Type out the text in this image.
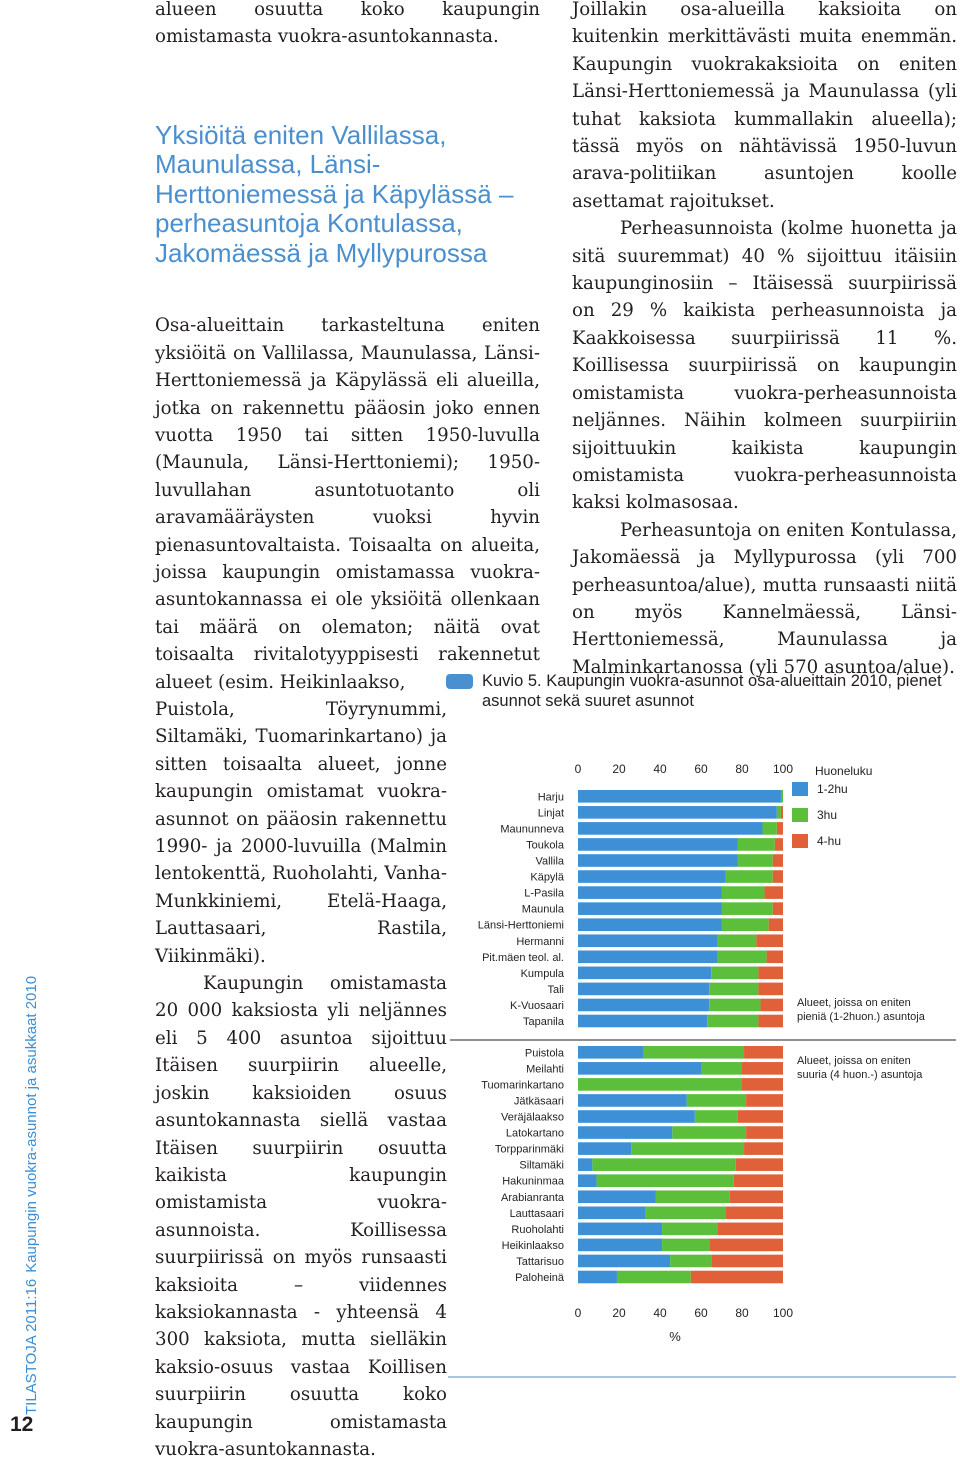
TILASTOJA 2011:16Kaupungin vuokra-asunnot ja asukkaat 2010
12

alueen osuutta koko kaupungin omistamasta vuokra-asuntokannasta.

Yksiöitä eniten Vallilassa, Maunulassa, Länsi-Herttoniemessä ja Käpylässä – perheasuntoja Kontulassa, Jakomäessä ja Myllypurossa

Osa-alueittain tarkasteltuna eniten yksiöitä on Vallilassa, Maunulassa, Länsi-Herttoniemessä ja Käpylässä eli alueilla, jotka on rakennettu pääosin joko ennen vuotta 1950 tai sitten 1950-luvulla (Maunula, Länsi-Herttoniemi); 1950-luvullahan asuntotuotanto oli aravamääräysten vuoksi hyvin pienasuntovaltaista. Toisaalta on alueita, joissa kaupungin omistamassa vuokra-asuntokannassa ei ole yksiöitä ollenkaan tai määrä on olematon; näitä ovat toisaalta rivitalotyyppisesti rakennetut alueet (esim. Heikinlaakso,

Puistola, Töyrynummi, Siltamäki, Tuomarinkartano) ja sitten toisaalta alueet, jonne kaupungin omistamat vuokra-asunnot on pääosin rakennettu 1990- ja 2000-luvuilla (Malmin lentokenttä, Ruoholahti, Vanha-Munkkiniemi, Etelä-Haaga, Lauttasaari, Rastila, Viikinmäki).

Kaupungin omistamasta 20 000 kaksiosta yli neljännes eli 5 400 asuntoa sijoittuu Itäisen suurpiirin alueelle, joskin kaksioiden osuus asuntokannasta siellä vastaa Itäisen suurpiirin osuutta kaikista kaupungin omistamista vuokra-asunnoista. Koillisessa suurpiirissä on myös runsaasti kaksioita – viidennes kaksiokannasta - yhteensä 4 300 kaksiota, mutta sielläkin kaksio-osuus vastaa Koillisen suurpiirin osuutta koko kaupungin omistamasta vuokra-asuntokannasta.

Joillakin osa-alueilla kaksioita on kuitenkin merkittävästi muita enemmän. Kaupungin vuokrakaksioita on eniten Länsi-Herttoniemessä ja Maunulassa (yli tuhat kaksiota kummallakin alueella); tässä myös on nähtävissä 1950-luvun arava-politiikan asuntojen koolle asettamat rajoitukset.

Perheasunnoista (kolme huonetta ja sitä suuremmat) 40 % sijoittuu itäisiin kaupunginosiin – Itäisessä suurpiirissä on 29 % kaikista perheasunnoista ja Kaakkoisessa suurpiirissä 11 %. Koillisessa suurpiirissä on kaupungin omistamista vuokra-perheasunnoista neljännes. Näihin kolmeen suurpiiriin sijoittuukin kaikista kaupungin omistamista vuokra-perheasunnoista kaksi kolmasosaa.

Perheasuntoja on eniten Kontulassa, Jakomäessä ja Myllypurossa (yli 700 perheasuntoa/alue), mutta runsaasti niitä on myös Kannelmäessä, Länsi-Herttoniemessä, Maunulassa ja Malminkartanossa (yli 570 asuntoa/alue).

Kuvio 5. Kaupungin vuokra-asunnot osa-alueittain 2010, pienet asunnot sekä suuret asunnot
0	20 40 60 80 100
0	20 40 60 80 100
Harju
Linjat
Maununneva
Toukola
Vallila
Käpylä
L-Pasila
Maunula
Länsi-Herttoniemi
Hermanni
Pit.mäen teol. al.
Kumpula
Tali
K-Vuosaari
Tapanila
Puistola
Meilahti
Tuomarinkartano
Jätkäsaari
Veräjälaakso
Latokartano
Torpparinmäki
Siltamäki
Hakuninmaa
Arabianranta
Lauttasaari
Ruoholahti
Heikinlaakso
Tattarisuo
Paloheinä
%
Huoneluku
1-2hu
3hu
4-hu
Alueet, joissa on eniten pieniä (1-2huon.) asuntoja
Alueet, joissa on eniten suuria (4 huon.-) asuntoja
